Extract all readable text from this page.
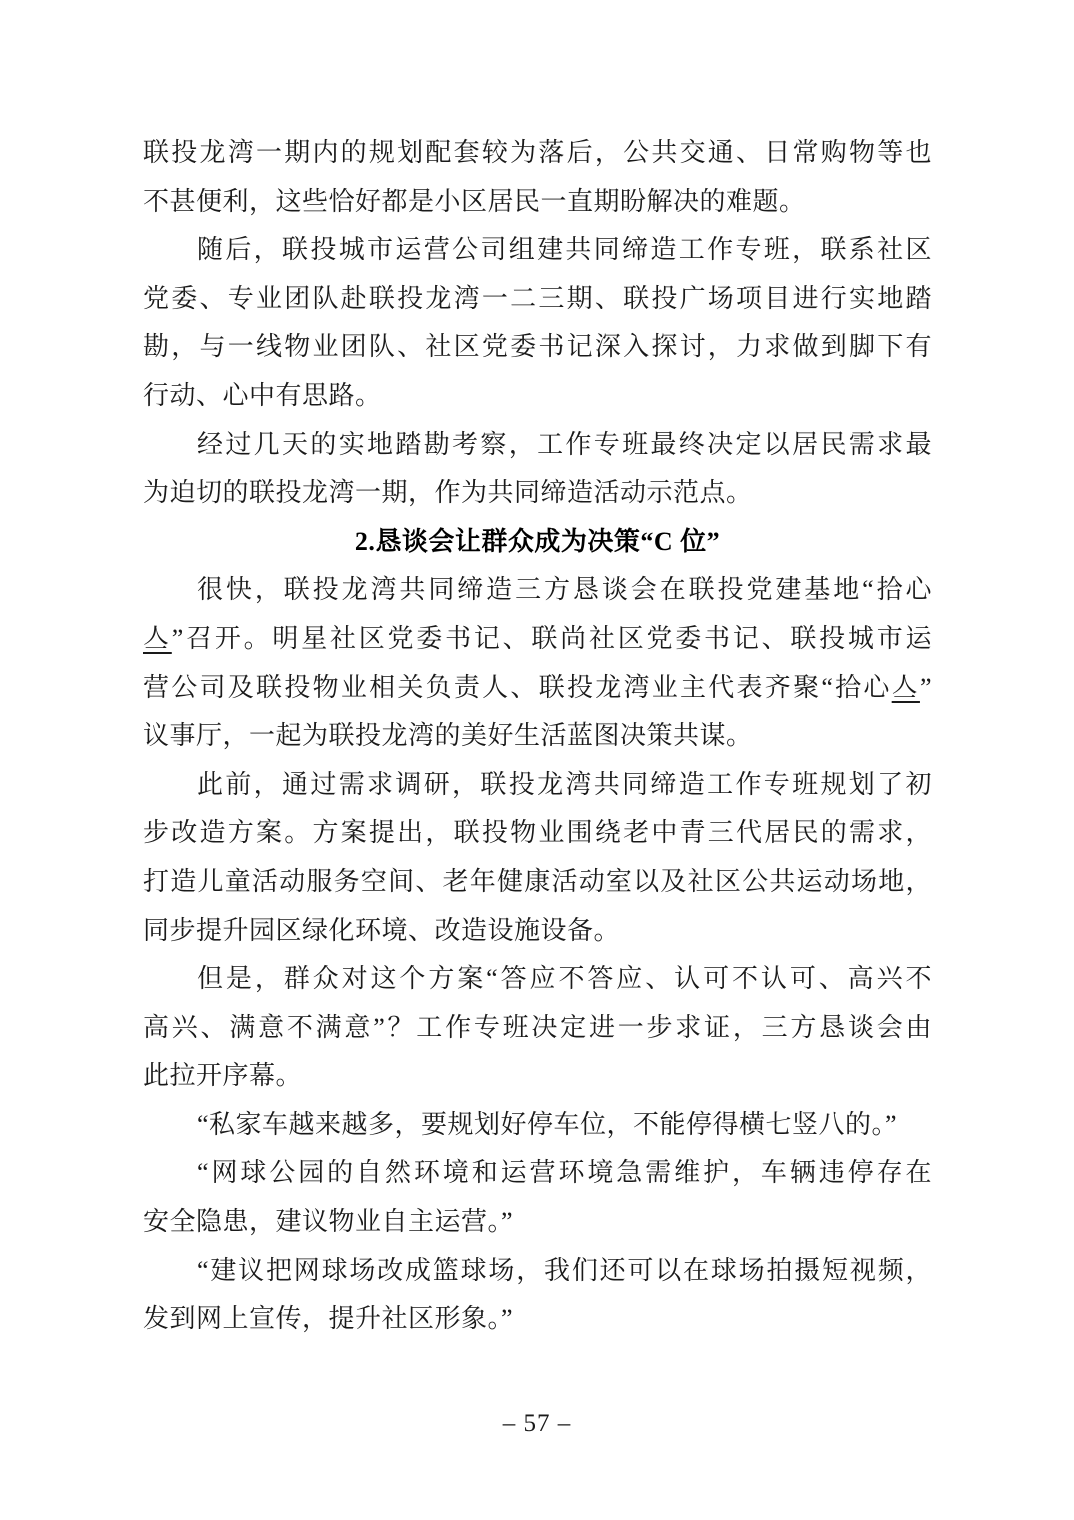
联投龙湾一期内的规划配套较为落后，公共交通、日常购物等也
不甚便利，这些恰好都是小区居民一直期盼解决的难题。
随后，联投城市运营公司组建共同缔造工作专班，联系社区
党委、专业团队赴联投龙湾一二三期、联投广场项目进行实地踏
勘，与一线物业团队、社区党委书记深入探讨，力求做到脚下有
行动、心中有思路。
经过几天的实地踏勘考察，工作专班最终决定以居民需求最
为迫切的联投龙湾一期，作为共同缔造活动示范点。
2.恳谈会让群众成为决策“C 位”
很快，联投龙湾共同缔造三方恳谈会在联投党建基地“拾心
亼”召开。明星社区党委书记、联尚社区党委书记、联投城市运
营公司及联投物业相关负责人、联投龙湾业主代表齐聚“拾心亼”
议事厅，一起为联投龙湾的美好生活蓝图决策共谋。
此前，通过需求调研，联投龙湾共同缔造工作专班规划了初
步改造方案。方案提出，联投物业围绕老中青三代居民的需求，
打造儿童活动服务空间、老年健康活动室以及社区公共运动场地，
同步提升园区绿化环境、改造设施设备。
但是，群众对这个方案“答应不答应、认可不认可、高兴不
高兴、满意不满意”？工作专班决定进一步求证，三方恳谈会由
此拉开序幕。
“私家车越来越多，要规划好停车位，不能停得横七竖八的。”
“网球公园的自然环境和运营环境急需维护，车辆违停存在
安全隐患，建议物业自主运营。”
“建议把网球场改成篮球场，我们还可以在球场拍摄短视频，
发到网上宣传，提升社区形象。”
– 57 –
